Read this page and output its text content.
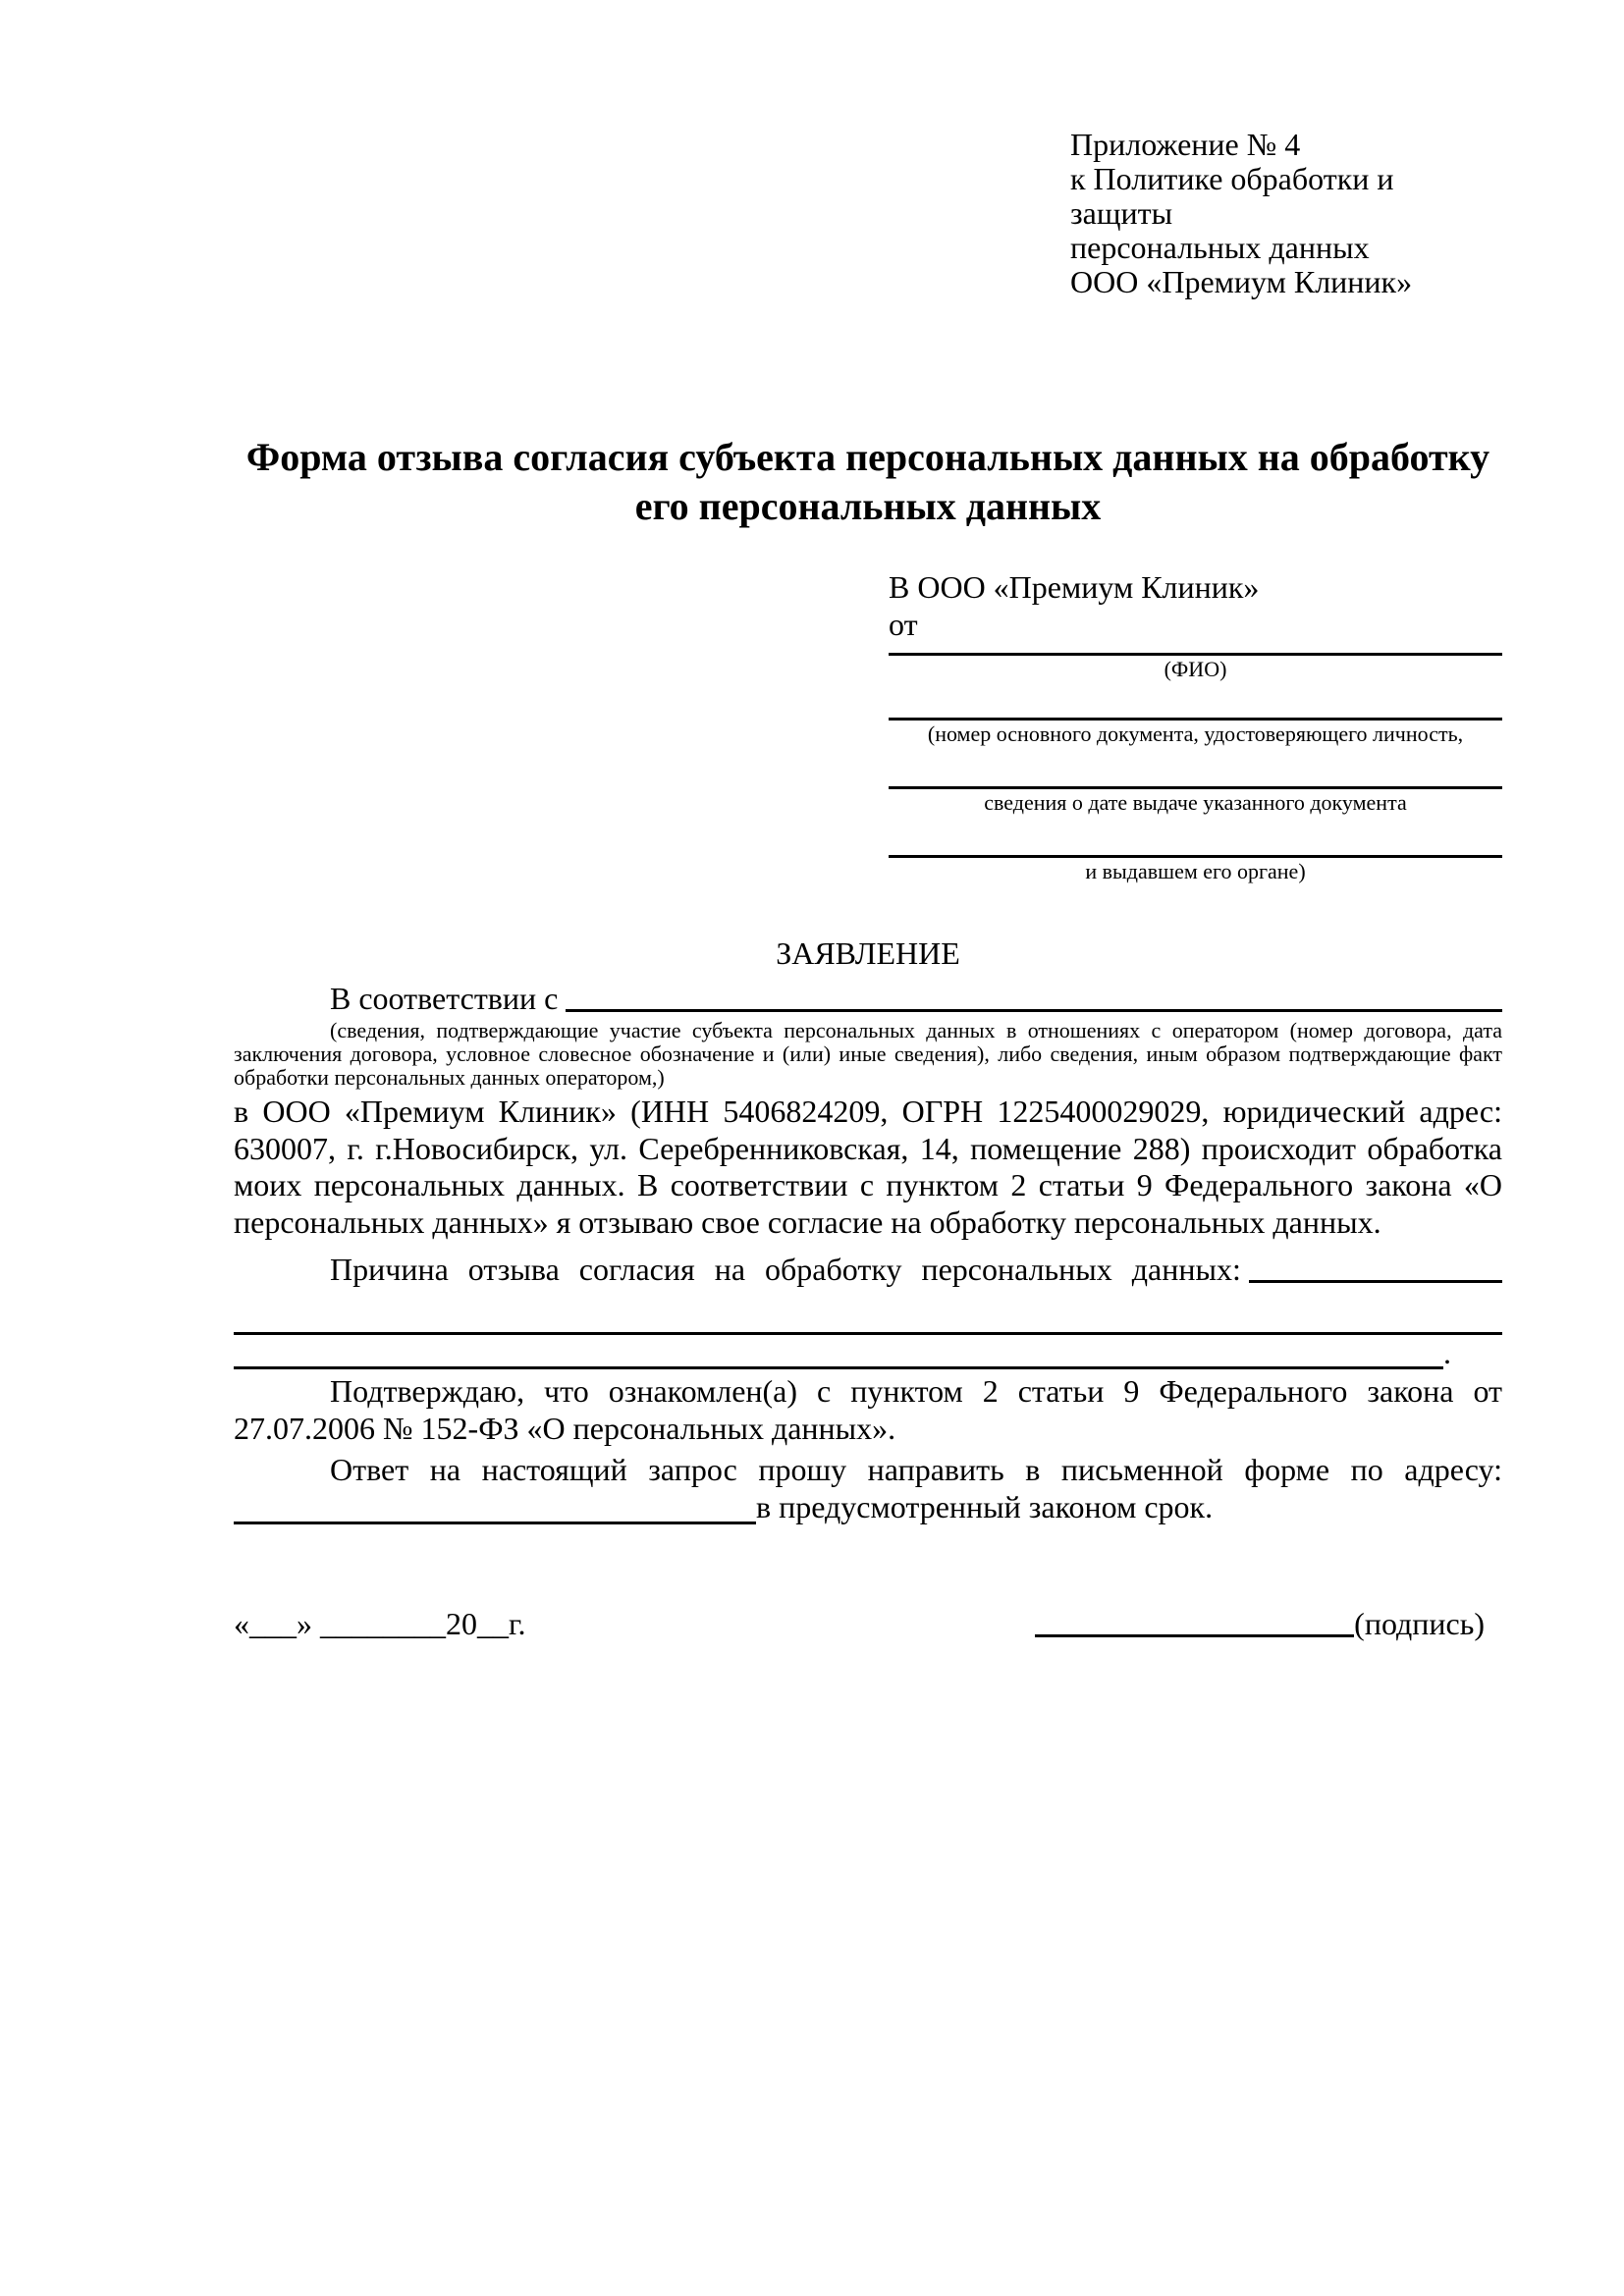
Приложение № 4
к Политике обработки и защиты
персональных данных
ООО «Премиум Клиник»
Форма отзыва согласия субъекта персональных данных на обработку
его персональных данных
В ООО «Премиум Клиник»
от
(ФИО)
(номер основного документа, удостоверяющего личность,
сведения о дате выдаче указанного документа
и выдавшем его органе)
ЗАЯВЛЕНИЕ
В соответствии с
(сведения, подтверждающие участие субъекта персональных данных в отношениях с оператором (номер договора, дата заключения договора, условное словесное обозначение и (или) иные сведения), либо сведения, иным образом подтверждающие факт обработки персональных данных оператором,)
в ООО «Премиум Клиник» (ИНН 5406824209, ОГРН 1225400029029, юридический адрес: 630007, г. г.Новосибирск, ул. Серебренниковская, 14, помещение 288) происходит обработка моих персональных данных. В соответствии с пунктом 2 статьи 9 Федерального закона «О персональных данных» я отзываю свое согласие на обработку персональных данных.
Причина отзыва согласия на обработку персональных данных:
.
Подтверждаю, что ознакомлен(а) с пунктом 2 статьи 9 Федерального закона от 27.07.2006 № 152-ФЗ «О персональных данных».
Ответ на настоящий запрос прошу направить в письменной форме по адресу:
в предусмотренный законом срок.
«___» ________20__г.	(подпись)
